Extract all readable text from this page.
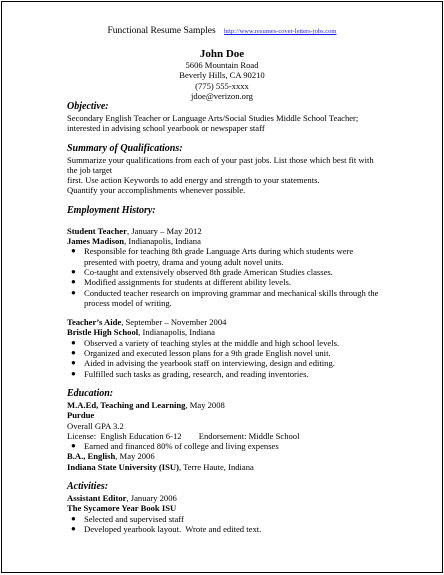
Functional Resume Samples http://www.resumes-cover-letters-jobs.com
John Doe
5606 Mountain Road
Beverly Hills, CA 90210
(775) 555-xxxx
jdoe@verizon.org
Objective:
Secondary English Teacher or Language Arts/Social Studies Middle School Teacher;
interested in advising school yearbook or newspaper staff
Summary of Qualifications:
Summarize your qualifications from each of your past jobs. List those which best fit with
the job target
first. Use action Keywords to add energy and strength to your statements.
Quantify your accomplishments whenever possible.
Employment History:
Student Teacher, January – May 2012
James Madison, Indianapolis, Indiana
● Responsible for teaching 8th grade Language Arts during which students were
presented with poetry, drama and young adult novel units.
● Co-taught and extensively observed 8th grade American Studies classes.
● Modified assignments for students at different ability levels.
● Conducted teacher research on improving grammar and mechanical skills through the
process model of writing.
Teacher’s Aide, September – November 2004
Bristle High School, Indianapolis, Indiana
● Observed a variety of teaching styles at the middle and high school levels.
● Organized and executed lesson plans for a 9th grade English novel unit.
● Aided in advising the yearbook staff on interviewing, design and editing.
● Fulfilled such tasks as grading, research, and reading inventories.
Education:
M.A.Ed, Teaching and Learning, May 2008
Purdue
Overall GPA 3.2
License:  English Education 6-12        Endorsement: Middle School
● Earned and financed 80% of college and living expenses
B.A., English, May 2006
Indiana State University (ISU), Terre Haute, Indiana
Activities:
Assistant Editor, January 2006
The Sycamore Year Book ISU
● Selected and supervised staff
● Developed yearbook layout.  Wrote and edited text.
